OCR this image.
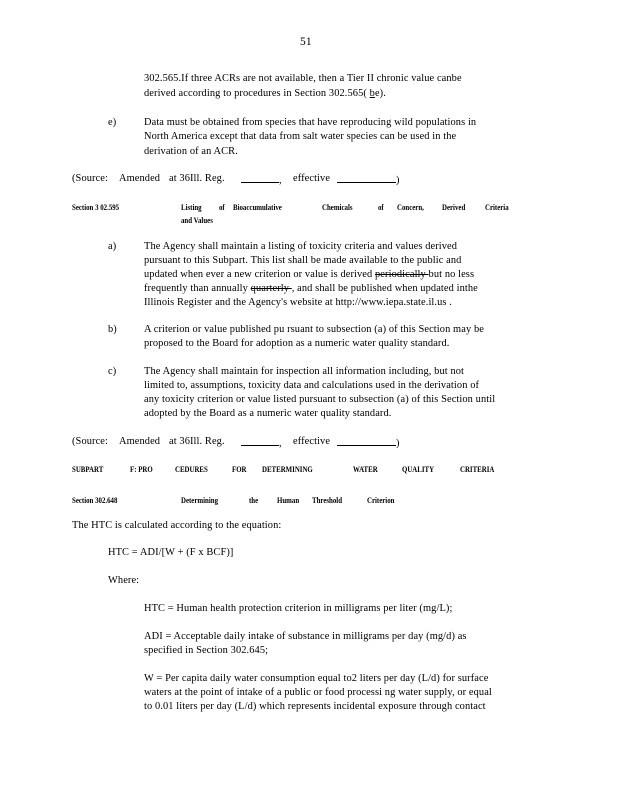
51
302.565.If three ACRs are not available, then a Tier II chronic value canbe
derived according to procedures in Section 302.565( be).
e)	Data must be obtained from species that have reproducing wild populations in
North America except that data from salt water species can be used in the
derivation of an ACR.
(Source: Amended at 36Ill. Reg.	, effective	)
Section 3 02.595	Listing of Bioaccumulative	Chemicals	of Concern, Derived Criteria
and Values
a)	The Agency shall maintain a listing of toxicity criteria and values derived
pursuant to this Subpart. This list shall be made available to the public and
updated when ever a new criterion or value is derived periodically but no less
frequently than annually quarterly , and shall be published when updated inthe
Illinois Register and the Agency's website at http://www.iepa.state.il.us .
b)	A criterion or value published pu rsuant to subsection (a) of this Section may be
proposed to the Board for adoption as a numeric water quality standard.
c)	The Agency shall maintain for inspection all information including, but not
limited to, assumptions, toxicity data and calculations used in the derivation of
any toxicity criterion or value listed pursuant to subsection (a) of this Section until
adopted by the Board as a numeric water quality standard.
(Source: Amended at 36Ill. Reg.	, effective	)
SUBPART	F: PRO	CEDURES	FOR DETERMINING	WATER	QUALITY	CRITERIA
Section 302.648	Determining	the Human Threshold	Criterion
The HTC is calculated according to the equation:
HTC = ADI/[W + (F x BCF)]
Where:
HTC = Human health protection criterion in milligrams per liter (mg/L);
ADI = Acceptable daily intake of substance in milligrams per day (mg/d) as
specified in Section 302.645;
W = Per capita daily water consumption equal to2 liters per day (L/d) for surface
waters at the point of intake of a public or food processi ng water supply, or equal
to 0.01 liters per day (L/d) which represents incidental exposure through contact
